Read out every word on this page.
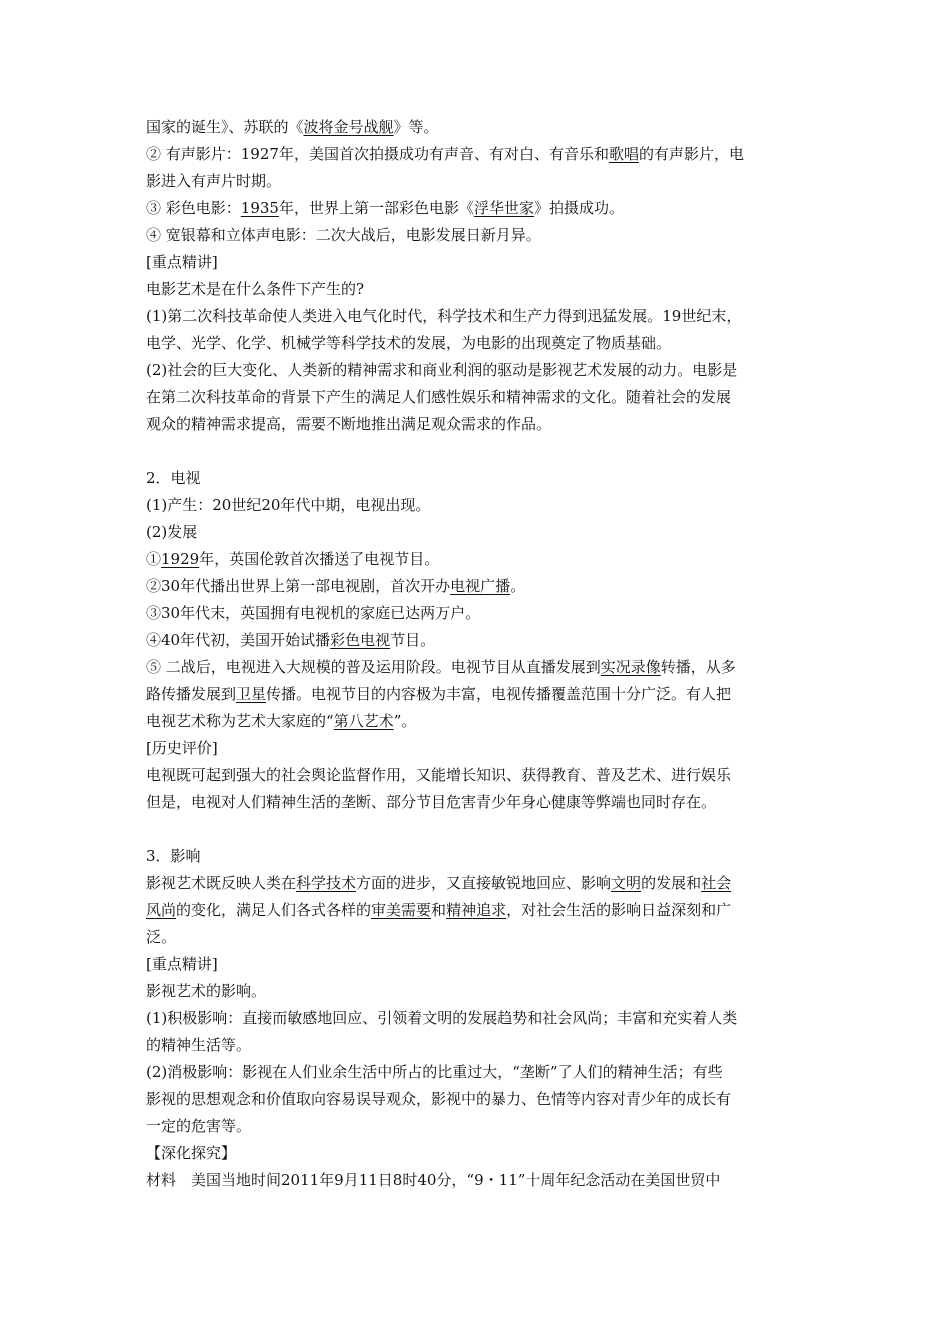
国家的诞生》、苏联的《波将金号战舰》等。
② 有声影片：1927年，美国首次拍摄成功有声音、有对白、有音乐和歌唱的有声影片，电
影进入有声片时期。
③ 彩色电影：1935年，世界上第一部彩色电影《浮华世家》拍摄成功。
④ 宽银幕和立体声电影：二次大战后，电影发展日新月异。
[重点精讲]
电影艺术是在什么条件下产生的?
(1)第二次科技革命使人类进入电气化时代，科学技术和生产力得到迅猛发展。19世纪末，
电学、光学、化学、机械学等科学技术的发展，为电影的出现奠定了物质基础。
(2)社会的巨大变化、人类新的精神需求和商业利润的驱动是影视艺术发展的动力。电影是
在第二次科技革命的背景下产生的满足人们感性娱乐和精神需求的文化。随着社会的发展
观众的精神需求提高，需要不断地推出满足观众需求的作品。
2．电视
(1)产生：20世纪20年代中期，电视出现。
(2)发展
①1929年，英国伦敦首次播送了电视节目。
②30年代播出世界上第一部电视剧，首次开办电视广播。
③30年代末，英国拥有电视机的家庭已达两万户。
④40年代初，美国开始试播彩色电视节目。
⑤ 二战后，电视进入大规模的普及运用阶段。电视节目从直播发展到实况录像转播，从多
路传播发展到卫星传播。电视节目的内容极为丰富，电视传播覆盖范围十分广泛。有人把
电视艺术称为艺术大家庭的“第八艺术”。
[历史评价]
电视既可起到强大的社会舆论监督作用，又能增长知识、获得教育、普及艺术、进行娱乐
但是，电视对人们精神生活的垄断、部分节目危害青少年身心健康等弊端也同时存在。
3．影响
影视艺术既反映人类在科学技术方面的进步，又直接敏锐地回应、影响文明的发展和社会
风尚的变化，满足人们各式各样的审美需要和精神追求，对社会生活的影响日益深刻和广
泛。
[重点精讲]
影视艺术的影响。
(1)积极影响：直接而敏感地回应、引领着文明的发展趋势和社会风尚；丰富和充实着人类
的精神生活等。
(2)消极影响：影视在人们业余生活中所占的比重过大，“垄断”了人们的精神生活；有些
影视的思想观念和价值取向容易误导观众，影视中的暴力、色情等内容对青少年的成长有
一定的危害等。
【深化探究】
材料　美国当地时间2011年9月11日8时40分，“9・11”十周年纪念活动在美国世贸中
